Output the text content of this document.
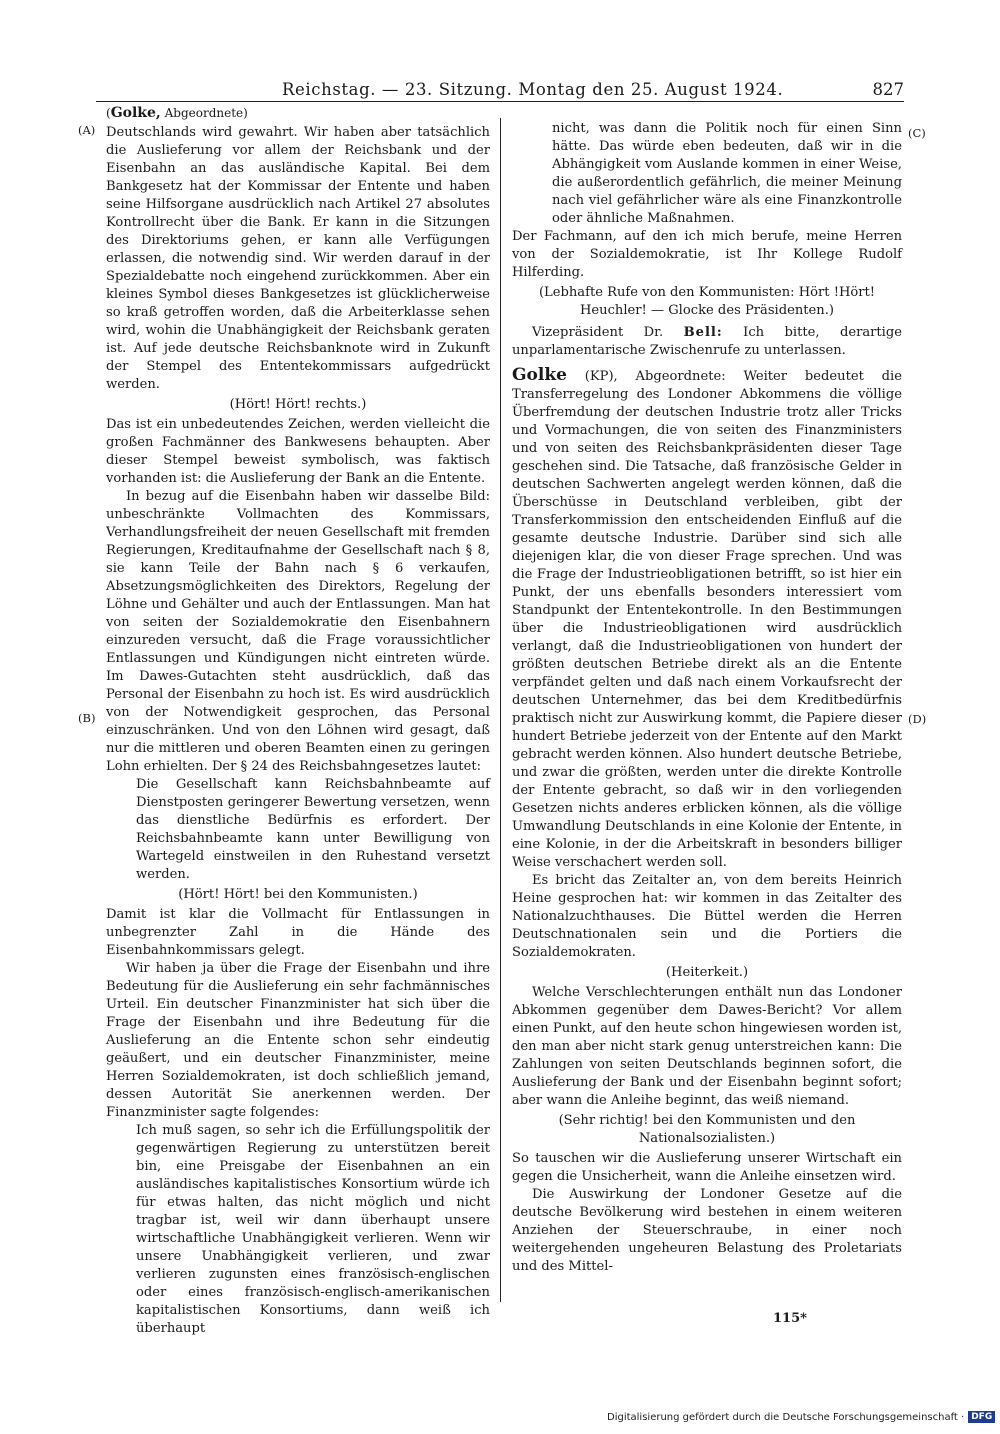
Reichstag. — 23. Sitzung. Montag den 25. August 1924.	827
(A)
(B)
(C)
(D)
(Golke, Abgeordnete)

Deutschlands wird gewahrt. Wir haben aber tatsächlich die Auslieferung vor allem der Reichsbank und der Eisenbahn an das ausländische Kapital. Bei dem Bankgesetz hat der Kommissar der Entente und haben seine Hilfsorgane ausdrücklich nach Artikel 27 absolutes Kontrollrecht über die Bank. Er kann in die Sitzungen des Direktoriums gehen, er kann alle Verfügungen erlassen, die notwendig sind. Wir werden darauf in der Spezialdebatte noch eingehend zurückkommen. Aber ein kleines Symbol dieses Bankgesetzes ist glücklicherweise so kraß getroffen worden, daß die Arbeiterklasse sehen wird, wohin die Unabhängigkeit der Reichsbank geraten ist. Auf jede deutsche Reichsbanknote wird in Zukunft der Stempel des Ententekommissars aufgedrückt werden.

(Hört! Hört! rechts.)

Das ist ein unbedeutendes Zeichen, werden vielleicht die großen Fachmänner des Bankwesens behaupten. Aber dieser Stempel beweist symbolisch, was faktisch vorhanden ist: die Auslieferung der Bank an die Entente.

In bezug auf die Eisenbahn haben wir dasselbe Bild: unbeschränkte Vollmachten des Kommissars, Verhandlungsfreiheit der neuen Gesellschaft mit fremden Regierungen, Kreditaufnahme der Gesellschaft nach § 8, sie kann Teile der Bahn nach § 6 verkaufen, Absetzungsmöglichkeiten des Direktors, Regelung der Löhne und Gehälter und auch der Entlassungen. Man hat von seiten der Sozialdemokratie den Eisenbahnern einzureden versucht, daß die Frage voraussichtlicher Entlassungen und Kündigungen nicht eintreten würde. Im Dawes-Gutachten steht ausdrücklich, daß das Personal der Eisenbahn zu hoch ist. Es wird ausdrücklich von der Notwendigkeit gesprochen, das Personal einzuschränken. Und von den Löhnen wird gesagt, daß nur die mittleren und oberen Beamten einen zu geringen Lohn erhielten. Der § 24 des Reichsbahngesetzes lautet:

Die Gesellschaft kann Reichsbahnbeamte auf Dienstposten geringerer Bewertung versetzen, wenn das dienstliche Bedürfnis es erfordert. Der Reichsbahnbeamte kann unter Bewilligung von Wartegeld einstweilen in den Ruhestand versetzt werden.

(Hört! Hört! bei den Kommunisten.)

Damit ist klar die Vollmacht für Entlassungen in unbegrenzter Zahl in die Hände des Eisenbahnkommissars gelegt.

Wir haben ja über die Frage der Eisenbahn und ihre Bedeutung für die Auslieferung ein sehr fachmännisches Urteil. Ein deutscher Finanzminister hat sich über die Frage der Eisenbahn und ihre Bedeutung für die Auslieferung an die Entente schon sehr eindeutig geäußert, und ein deutscher Finanzminister, meine Herren Sozialdemokraten, ist doch schließlich jemand, dessen Autorität Sie anerkennen werden. Der Finanzminister sagte folgendes:

Ich muß sagen, so sehr ich die Erfüllungspolitik der gegenwärtigen Regierung zu unterstützen bereit bin, eine Preisgabe der Eisenbahnen an ein ausländisches kapitalistisches Konsortium würde ich für etwas halten, das nicht möglich und nicht tragbar ist, weil wir dann überhaupt unsere wirtschaftliche Unabhängigkeit verlieren. Wenn wir unsere Unabhängigkeit verlieren, und zwar verlieren zugunsten eines französisch-englischen oder eines französisch-englisch-amerikanischen kapitalistischen Konsortiums, dann weiß ich überhaupt

nicht, was dann die Politik noch für einen Sinn hätte. Das würde eben bedeuten, daß wir in die Abhängigkeit vom Auslande kommen in einer Weise, die außerordentlich gefährlich, die meiner Meinung nach viel gefährlicher wäre als eine Finanzkontrolle oder ähnliche Maßnahmen.

Der Fachmann, auf den ich mich berufe, meine Herren von der Sozialdemokratie, ist Ihr Kollege Rudolf Hilferding.

(Lebhafte Rufe von den Kommunisten: Hört !Hört! Heuchler! — Glocke des Präsidenten.)

Vizepräsident Dr. Bell: Ich bitte, derartige unparlamentarische Zwischenrufe zu unterlassen.

Golke (KP), Abgeordnete: Weiter bedeutet die Transferregelung des Londoner Abkommens die völlige Überfremdung der deutschen Industrie trotz aller Tricks und Vormachungen, die von seiten des Finanzministers und von seiten des Reichsbankpräsidenten dieser Tage geschehen sind. Die Tatsache, daß französische Gelder in deutschen Sachwerten angelegt werden können, daß die Überschüsse in Deutschland verbleiben, gibt der Transferkommission den entscheidenden Einfluß auf die gesamte deutsche Industrie. Darüber sind sich alle diejenigen klar, die von dieser Frage sprechen. Und was die Frage der Industrieobligationen betrifft, so ist hier ein Punkt, der uns ebenfalls besonders interessiert vom Standpunkt der Ententekontrolle. In den Bestimmungen über die Industrieobligationen wird ausdrücklich verlangt, daß die Industrieobligationen von hundert der größten deutschen Betriebe direkt als an die Entente verpfändet gelten und daß nach einem Vorkaufsrecht der deutschen Unternehmer, das bei dem Kreditbedürfnis praktisch nicht zur Auswirkung kommt, die Papiere dieser hundert Betriebe jederzeit von der Entente auf den Markt gebracht werden können. Also hundert deutsche Betriebe, und zwar die größten, werden unter die direkte Kontrolle der Entente gebracht, so daß wir in den vorliegenden Gesetzen nichts anderes erblicken können, als die völlige Umwandlung Deutschlands in eine Kolonie der Entente, in eine Kolonie, in der die Arbeitskraft in besonders billiger Weise verschachert werden soll.

Es bricht das Zeitalter an, von dem bereits Heinrich Heine gesprochen hat: wir kommen in das Zeitalter des Nationalzuchthauses. Die Büttel werden die Herren Deutschnationalen sein und die Portiers die Sozialdemokraten.

(Heiterkeit.)

Welche Verschlechterungen enthält nun das Londoner Abkommen gegenüber dem Dawes-Bericht? Vor allem einen Punkt, auf den heute schon hingewiesen worden ist, den man aber nicht stark genug unterstreichen kann: Die Zahlungen von seiten Deutschlands beginnen sofort, die Auslieferung der Bank und der Eisenbahn beginnt sofort; aber wann die Anleihe beginnt, das weiß niemand.

(Sehr richtig! bei den Kommunisten und den Nationalsozialisten.)

So tauschen wir die Auslieferung unserer Wirtschaft ein gegen die Unsicherheit, wann die Anleihe einsetzen wird.

Die Auswirkung der Londoner Gesetze auf die deutsche Bevölkerung wird bestehen in einem weiteren Anziehen der Steuerschraube, in einer noch weitergehenden ungeheuren Belastung des Proletariats und des Mittel-

115*
Digitalisierung gefördert durch die Deutsche Forschungsgemeinschaft · DFG
